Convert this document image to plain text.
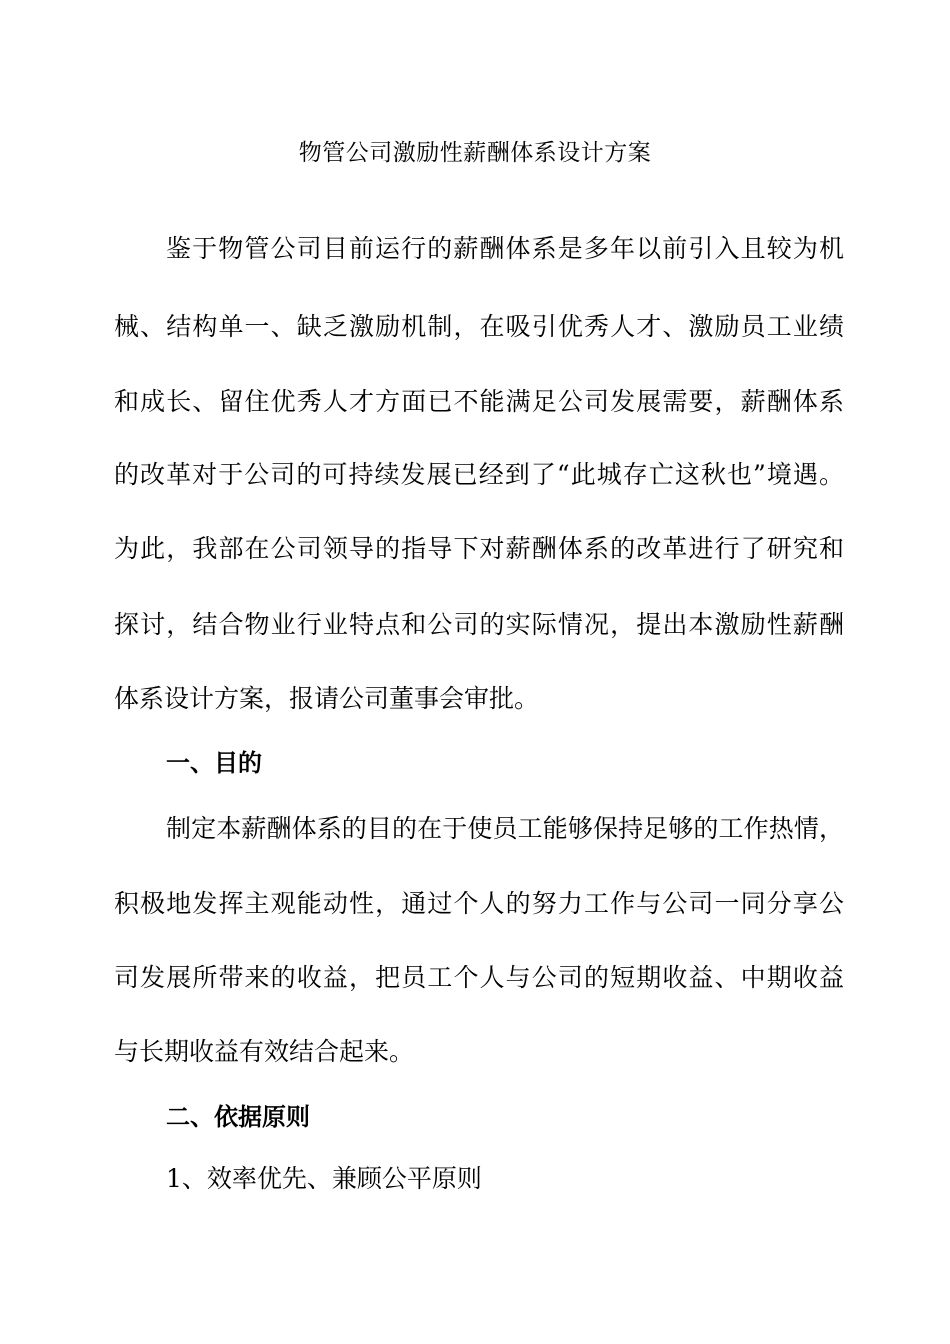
物管公司激励性薪酬体系设计方案
鉴于物管公司目前运行的薪酬体系是多年以前引入且较为机
械、结构单一、缺乏激励机制，在吸引优秀人才、激励员工业绩
和成长、留住优秀人才方面已不能满足公司发展需要，薪酬体系
的改革对于公司的可持续发展已经到了“此城存亡这秋也”境遇。
为此，我部在公司领导的指导下对薪酬体系的改革进行了研究和
探讨，结合物业行业特点和公司的实际情况，提出本激励性薪酬
体系设计方案，报请公司董事会审批。
一、目的
制定本薪酬体系的目的在于使员工能够保持足够的工作热情，
积极地发挥主观能动性，通过个人的努力工作与公司一同分享公
司发展所带来的收益，把员工个人与公司的短期收益、中期收益
与长期收益有效结合起来。
二、依据原则
1、效率优先、兼顾公平原则
